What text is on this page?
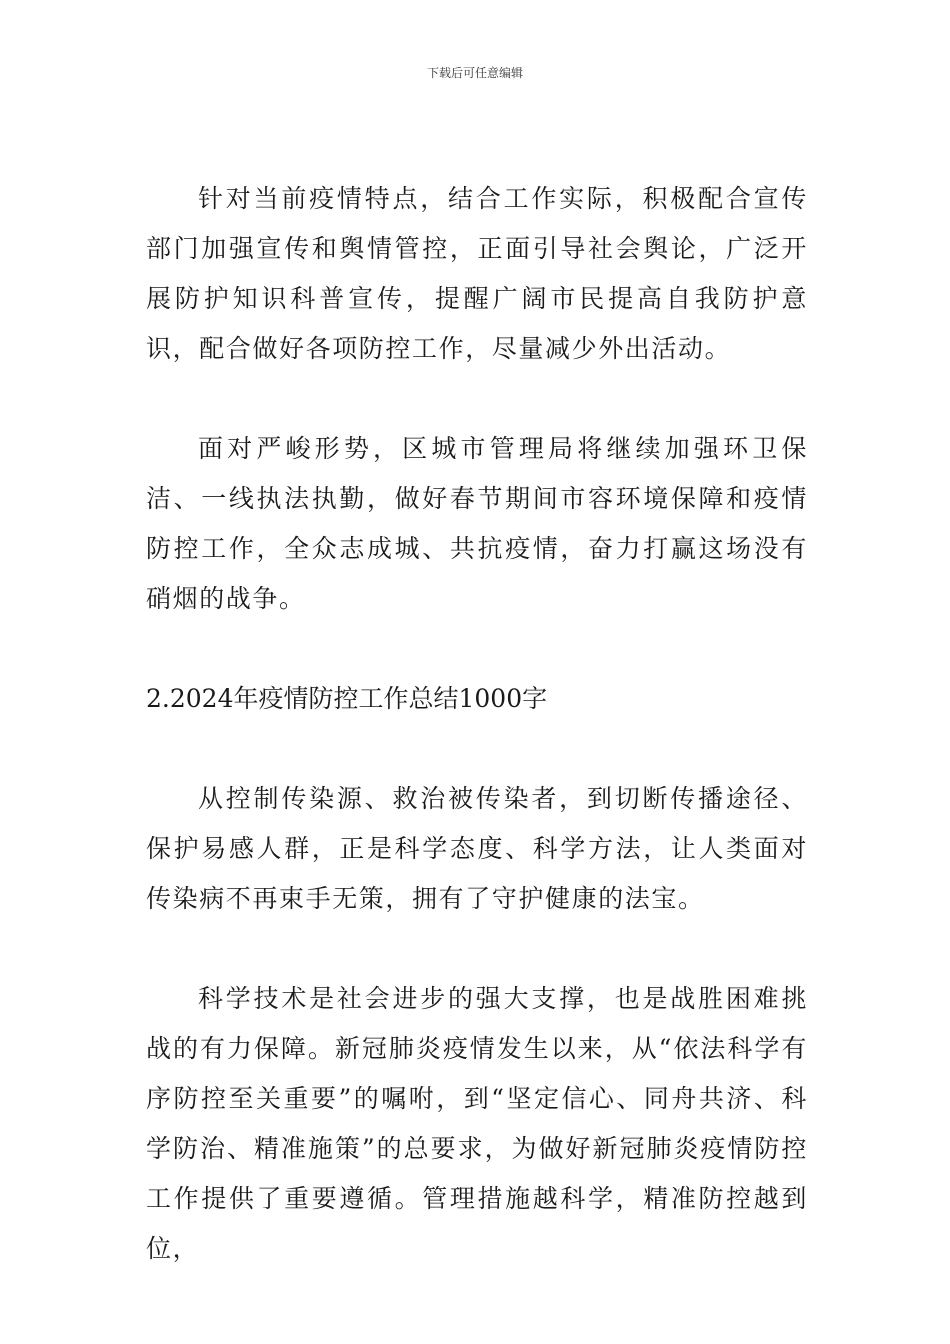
下载后可任意编辑

针对当前疫情特点，结合工作实际，积极配合宣传部门加强宣传和舆情管控，正面引导社会舆论，广泛开展防护知识科普宣传，提醒广阔市民提高自我防护意识，配合做好各项防控工作，尽量减少外出活动。

面对严峻形势，区城市管理局将继续加强环卫保洁、一线执法执勤，做好春节期间市容环境保障和疫情防控工作，全众志成城、共抗疫情，奋力打赢这场没有硝烟的战争。

2.2024年疫情防控工作总结1000字

从控制传染源、救治被传染者，到切断传播途径、保护易感人群，正是科学态度、科学方法，让人类面对传染病不再束手无策，拥有了守护健康的法宝。

科学技术是社会进步的强大支撑，也是战胜困难挑战的有力保障。新冠肺炎疫情发生以来，从“依法科学有序防控至关重要”的嘱咐，到“坚定信心、同舟共济、科学防治、精准施策”的总要求，为做好新冠肺炎疫情防控工作提供了重要遵循。管理措施越科学，精准防控越到位，
